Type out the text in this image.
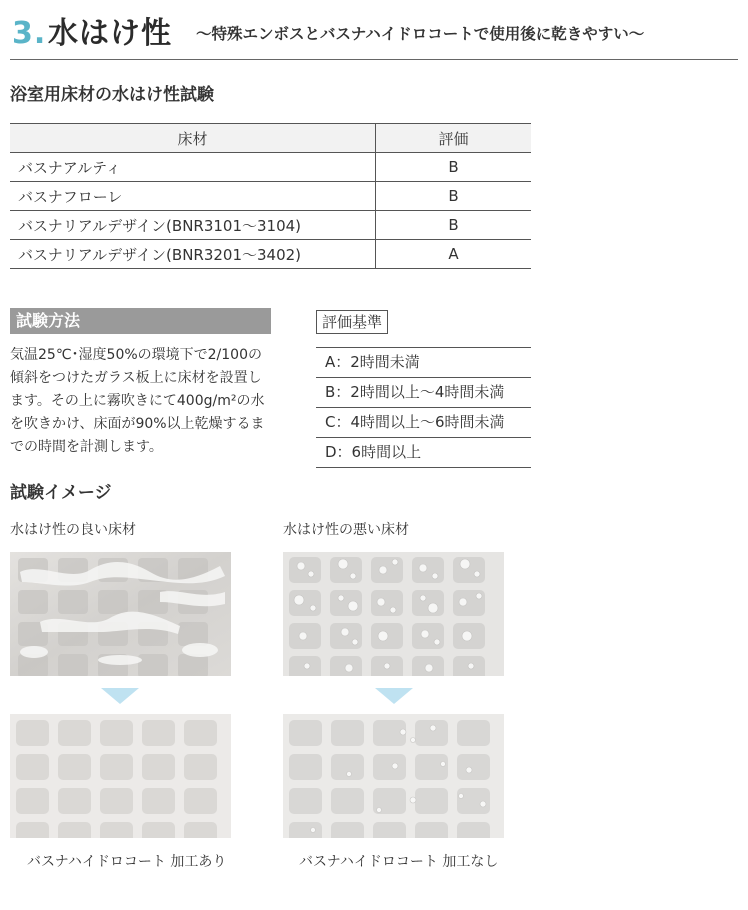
3. 水はけ性 〜特殊エンボスとバスナハイドロコートで使用後に乾きやすい〜
浴室用床材の水はけ性試験
床材	評価
バスナアルティ	B
バスナフローレ	B
バスナリアルデザイン(BNR3101〜3104)	B
バスナリアルデザイン(BNR3201〜3402)	A
試験方法
気温25℃･湿度50%の環境下で2/100の傾斜をつけたガラス板上に床材を設置します。その上に霧吹きにて400g/m²の水を吹きかけ、床面が90%以上乾燥するまでの時間を計測します。
評価基準
A：2時間未満
B：2時間以上〜4時間未満
C：4時間以上〜6時間未満
D：6時間以上
試験イメージ
水はけ性の良い床材	水はけ性の悪い床材
バスナハイドロコート 加工あり	バスナハイドロコート 加工なし
